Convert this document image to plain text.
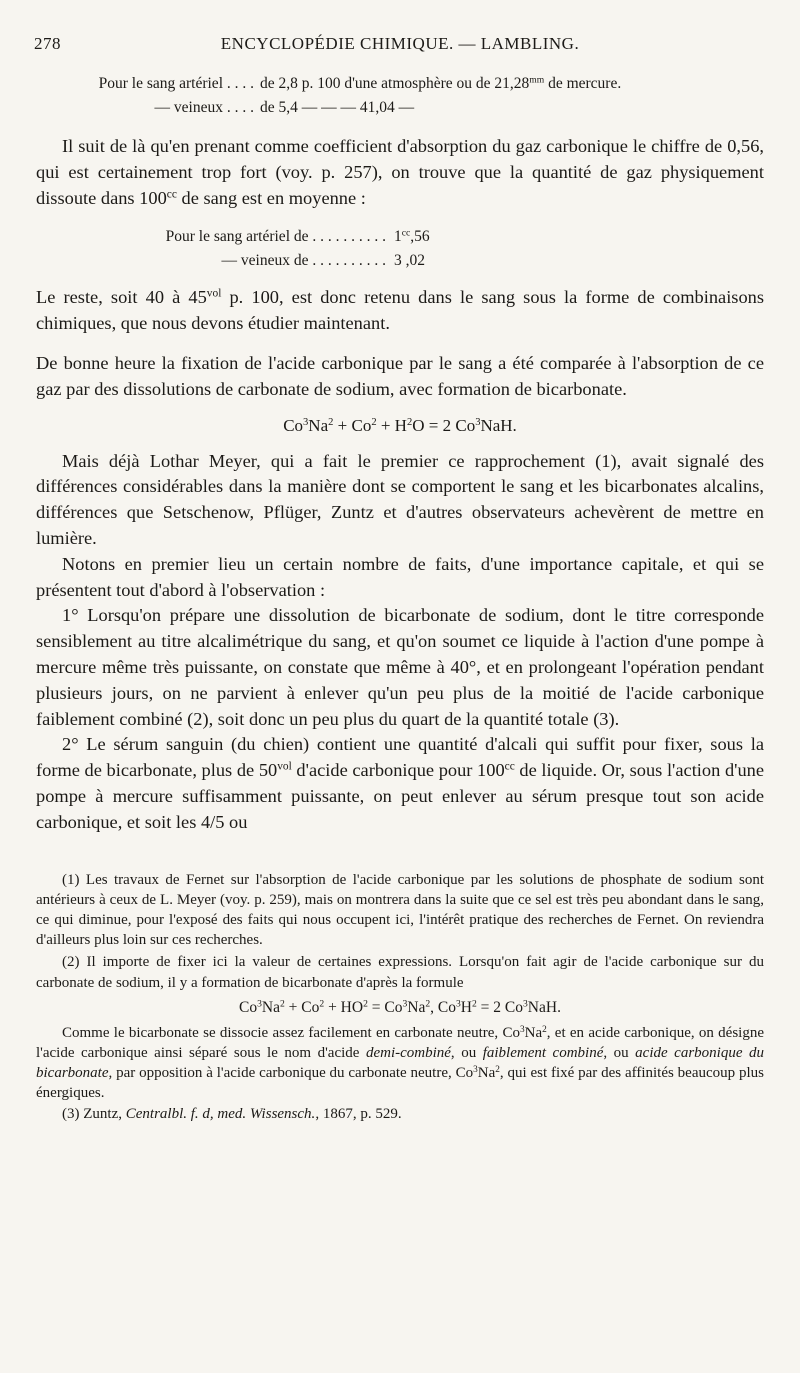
278	ENCYCLOPÉDIE CHIMIQUE. — LAMBLING.
Pour le sang artériel . . . . de 2,8 p. 100 d'une atmosphère ou de $21,28^{mm}$ de mercure.
— veineux . . . . de 5,4 — — — 41,04 —

Il suit de là qu'en prenant comme coefficient d'absorption du gaz carbonique le chiffre de 0,56, qui est certainement trop fort (voy. p. 257), on trouve que la quantité de gaz physiquement dissoute dans $100^{cc}$ de sang est en moyenne :

Pour le sang artériel de . . . . . . . . . . $1^{cc},56$
— veineux de . . . . . . . . . . 3 ,02

Le reste, soit 40 à $45^{vol}$ p. 100, est donc retenu dans le sang sous la forme de combinaisons chimiques, que nous devons étudier maintenant.

De bonne heure la fixation de l'acide carbonique par le sang a été comparée à l'absorption de ce gaz par des dissolutions de carbonate de sodium, avec formation de bicarbonate.

$Co^3Na^2 + Co^2 + H^2O = 2$ Co$^3$NaH.

Mais déjà Lothar Meyer, qui a fait le premier ce rapprochement (1), avait signalé des différences considérables dans la manière dont se comportent le sang et les bicarbonates alcalins, différences que Setschenow, Pflüger, Zuntz et d'autres observateurs achevèrent de mettre en lumière.

Notons en premier lieu un certain nombre de faits, d'une importance capitale, et qui se présentent tout d'abord à l'observation :

1° Lorsqu'on prépare une dissolution de bicarbonate de sodium, dont le titre corresponde sensiblement au titre alcalimétrique du sang, et qu'on soumet ce liquide à l'action d'une pompe à mercure même très puissante, on constate que même à 40°, et en prolongeant l'opération pendant plusieurs jours, on ne parvient à enlever qu'un peu plus de la moitié de l'acide carbonique faiblement combiné (2), soit donc un peu plus du quart de la quantité totale (3).

2° Le sérum sanguin (du chien) contient une quantité d'alcali qui suffit pour fixer, sous la forme de bicarbonate, plus de $50^{vol}$ d'acide carbonique pour $100^{cc}$ de liquide. Or, sous l'action d'une pompe à mercure suffisamment puissante, on peut enlever au sérum presque tout son acide carbonique, et soit les 4/5 ou

(1) Les travaux de Fernet sur l'absorption de l'acide carbonique par les solutions de phosphate de sodium sont antérieurs à ceux de L. Meyer (voy. p. 259), mais on montrera dans la suite que ce sel est très peu abondant dans le sang, ce qui diminue, pour l'exposé des faits qui nous occupent ici, l'intérêt pratique des recherches de Fernet. On reviendra d'ailleurs plus loin sur ces recherches.

(2) Il importe de fixer ici la valeur de certaines expressions. Lorsqu'on fait agir de l'acide carbonique sur du carbonate de sodium, il y a formation de bicarbonate d'après la formule

$Co^3Na^2 + Co^2 + HO^2 = Co^3Na^2$, $Co^3H^2 = 2$ Co$^3$NaH.

Comme le bicarbonate se dissocie assez facilement en carbonate neutre, Co$^3$Na$^2$, et en acide carbonique, on désigne l'acide carbonique ainsi séparé sous le nom d'acide demi-combiné, ou faiblement combiné, ou acide carbonique du bicarbonate, par opposition à l'acide carbonique du carbonate neutre, Co$^3$Na$^2$, qui est fixé par des affinités beaucoup plus énergiques.

(3) Zuntz, Centralbl. f. d, med. Wissensch., 1867, p. 529.
